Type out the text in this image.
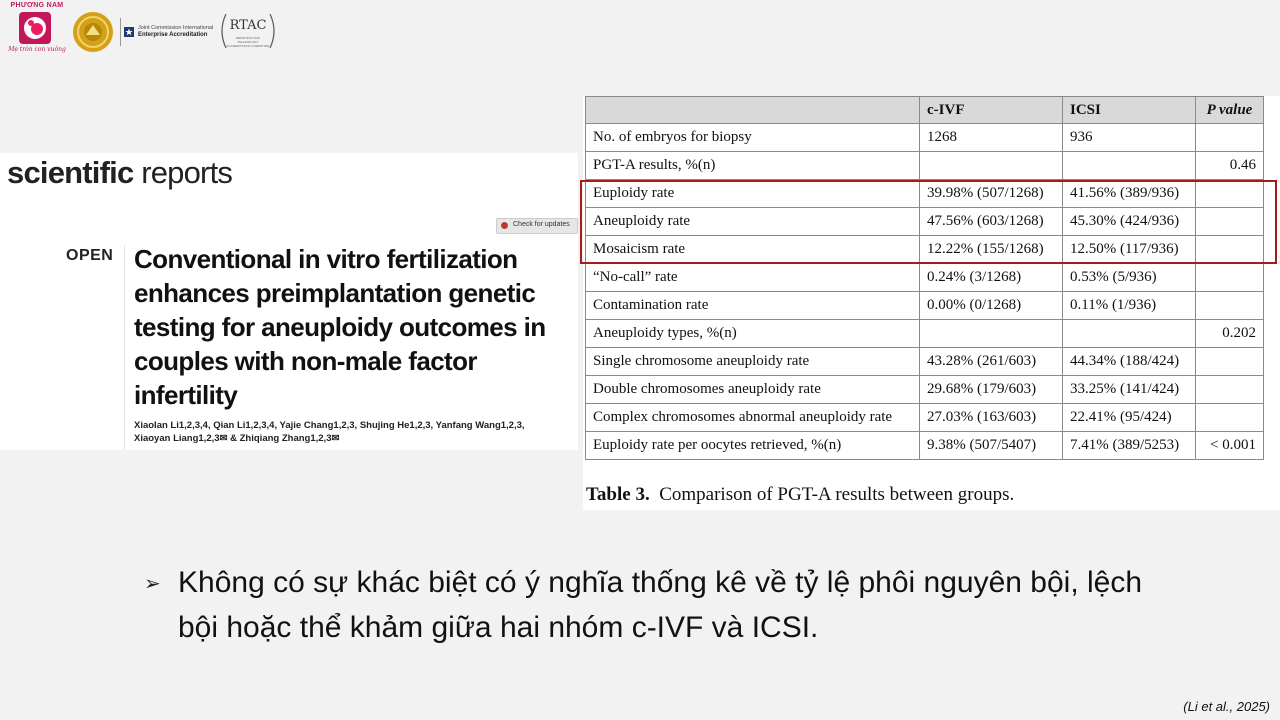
PHƯƠNG NAM
Mẹ tròn con vuông
Joint Commission International
Enterprise Accreditation
RTAC
REPRODUCTIVE TECHNOLOGY ACCREDITATION COMMITTEE
scientific reports
Check for updates
OPEN Conventional in vitro fertilization enhances preimplantation genetic testing for aneuploidy outcomes in couples with non-male factor infertility
Xiaolan Li1,2,3,4, Qian Li1,2,3,4, Yajie Chang1,2,3, Shujing He1,2,3, Yanfang Wang1,2,3,
Xiaoyan Liang1,2,3✉ & Zhiqiang Zhang1,2,3✉
	c-IVF	ICSI	P value
No. of embryos for biopsy	1268	936	
PGT-A results, %(n)			0.46
Euploidy rate	39.98% (507/1268)	41.56% (389/936)	
Aneuploidy rate	47.56% (603/1268)	45.30% (424/936)	
Mosaicism rate	12.22% (155/1268)	12.50% (117/936)	
“No-call” rate	0.24% (3/1268)	0.53% (5/936)	
Contamination rate	0.00% (0/1268)	0.11% (1/936)	
Aneuploidy types, %(n)			0.202
Single chromosome aneuploidy rate	43.28% (261/603)	44.34% (188/424)	
Double chromosomes aneuploidy rate	29.68% (179/603)	33.25% (141/424)	
Complex chromosomes abnormal aneuploidy rate	27.03% (163/603)	22.41% (95/424)	
Euploidy rate per oocytes retrieved, %(n)	9.38% (507/5407)	7.41% (389/5253)	< 0.001
Table 3. Comparison of PGT-A results between groups.
➢ Không có sự khác biệt có ý nghĩa thống kê về tỷ lệ phôi nguyên bội, lệch bội hoặc thể khảm giữa hai nhóm c-IVF và ICSI.
(Li et al., 2025)
